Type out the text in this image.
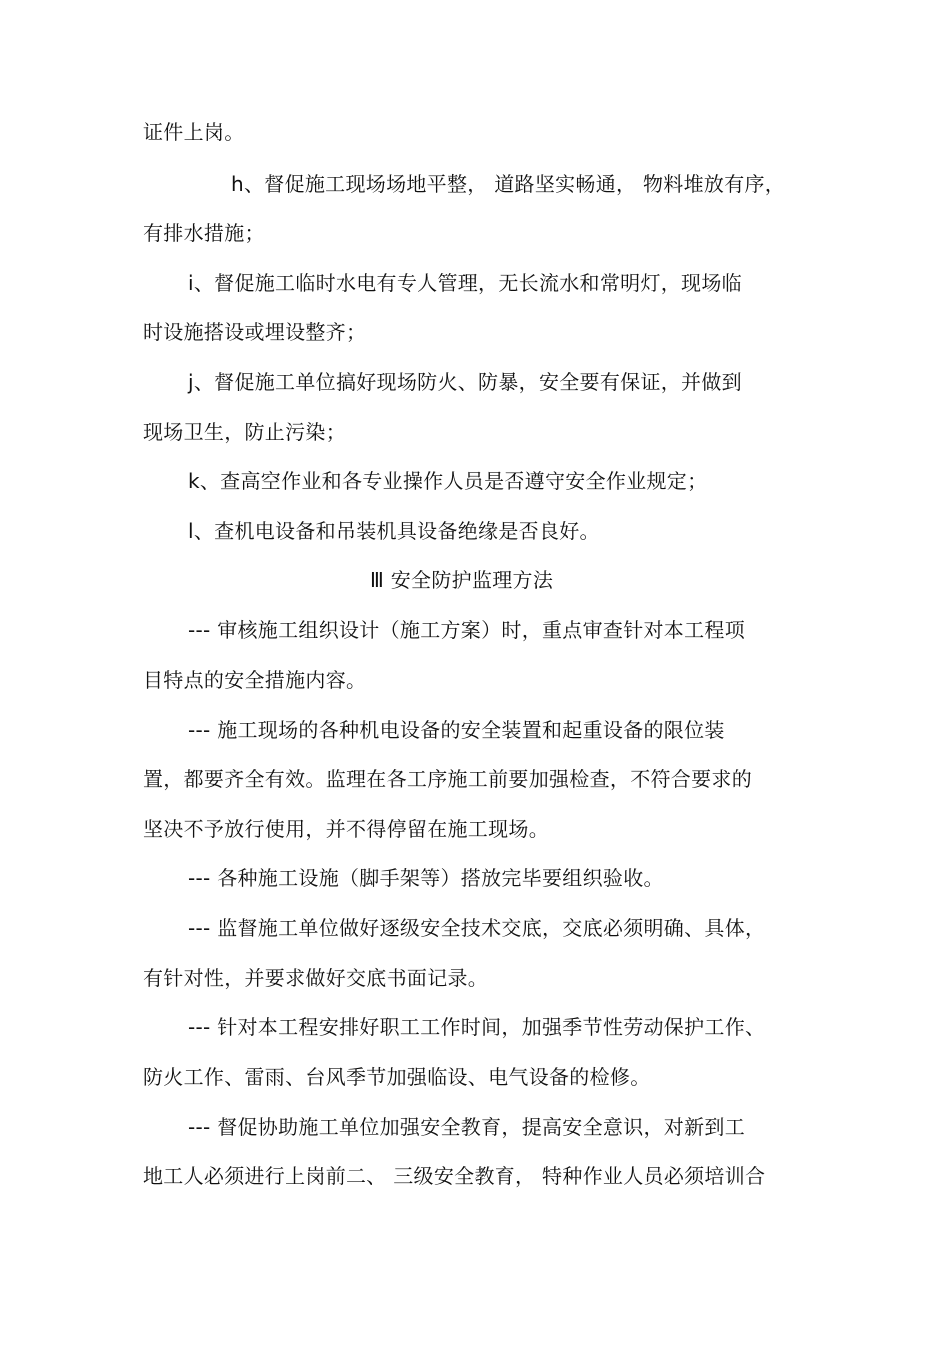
证件上岗。
h、督促施工现场场地平整， 道路坚实畅通， 物料堆放有序，
有排水措施；
i、督促施工临时水电有专人管理，无长流水和常明灯，现场临
时设施搭设或埋设整齐；
j、督促施工单位搞好现场防火、防暴，安全要有保证，并做到
现场卫生，防止污染；
k、查高空作业和各专业操作人员是否遵守安全作业规定；
l、查机电设备和吊装机具设备绝缘是否良好。
Ⅲ 安全防护监理方法
--- 审核施工组织设计（施工方案）时，重点审查针对本工程项
目特点的安全措施内容。
--- 施工现场的各种机电设备的安全装置和起重设备的限位装
置，都要齐全有效。监理在各工序施工前要加强检查，不符合要求的
坚决不予放行使用，并不得停留在施工现场。
--- 各种施工设施（脚手架等）搭放完毕要组织验收。
--- 监督施工单位做好逐级安全技术交底，交底必须明确、具体，
有针对性，并要求做好交底书面记录。
--- 针对本工程安排好职工工作时间，加强季节性劳动保护工作、
防火工作、雷雨、台风季节加强临设、电气设备的检修。
--- 督促协助施工单位加强安全教育，提高安全意识，对新到工
地工人必须进行上岗前二、 三级安全教育， 特种作业人员必须培训合
